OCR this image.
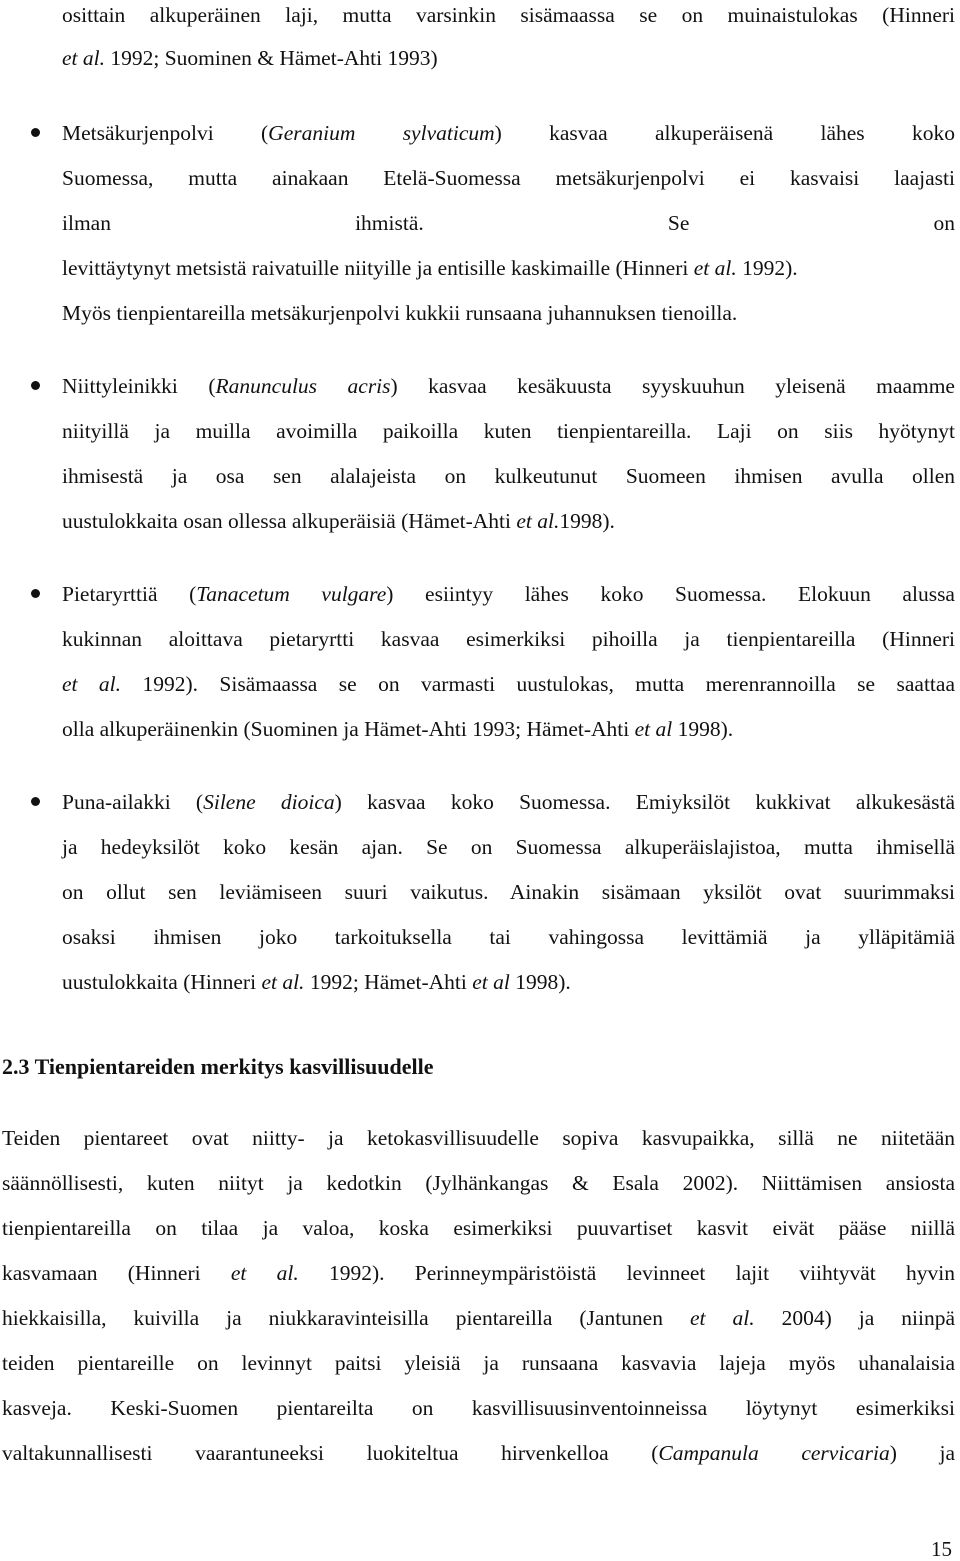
osittain alkuperäinen laji, mutta varsinkin sisämaassa se on muinaistulokas (Hinneri
et al. 1992; Suominen & Hämet-Ahti 1993)
Metsäkurjenpolvi (Geranium sylvaticum) kasvaa alkuperäisenä lähes koko
Suomessa, mutta ainakaan Etelä-Suomessa metsäkurjenpolvi ei kasvaisi laajasti
ilman ihmistä. Se on
levittäytynyt metsistä raivatuille niityille ja entisille kaskimaille (Hinneri et al. 1992).
Myös tienpientareilla metsäkurjenpolvi kukkii runsaana juhannuksen tienoilla.
Niittyleinikki (Ranunculus acris) kasvaa kesäkuusta syyskuuhun yleisenä maamme
niityillä ja muilla avoimilla paikoilla kuten tienpientareilla. Laji on siis hyötynyt
ihmisestä ja osa sen alalajeista on kulkeutunut Suomeen ihmisen avulla ollen
uustulokkaita osan ollessa alkuperäisiä (Hämet-Ahti et al.1998).
Pietaryrttiä (Tanacetum vulgare) esiintyy lähes koko Suomessa. Elokuun alussa
kukinnan aloittava pietaryrtti kasvaa esimerkiksi pihoilla ja tienpientareilla (Hinneri
et al. 1992). Sisämaassa se on varmasti uustulokas, mutta merenrannoilla se saattaa
olla alkuperäinenkin (Suominen ja Hämet-Ahti 1993; Hämet-Ahti et al 1998).
Puna-ailakki (Silene dioica) kasvaa koko Suomessa. Emiyksilöt kukkivat alkukesästä
ja hedeyksilöt koko kesän ajan. Se on Suomessa alkuperäislajistoa, mutta ihmisellä
on ollut sen leviämiseen suuri vaikutus. Ainakin sisämaan yksilöt ovat suurimmaksi
osaksi ihmisen joko tarkoituksella tai vahingossa levittämiä ja ylläpitämiä
uustulokkaita (Hinneri et al. 1992; Hämet-Ahti et al 1998).
2.3 Tienpientareiden merkitys kasvillisuudelle
Teiden pientareet ovat niitty- ja ketokasvillisuudelle sopiva kasvupaikka, sillä ne niitetään
säännöllisesti, kuten niityt ja kedotkin (Jylhänkangas & Esala 2002). Niittämisen ansiosta
tienpientareilla on tilaa ja valoa, koska esimerkiksi puuvartiset kasvit eivät pääse niillä
kasvamaan (Hinneri et al. 1992). Perinneympäristöistä levinneet lajit viihtyvät hyvin
hiekkaisilla, kuivilla ja niukkaravinteisilla pientareilla (Jantunen et al. 2004) ja niinpä
teiden pientareille on levinnyt paitsi yleisiä ja runsaana kasvavia lajeja myös uhanalaisia
kasveja. Keski-Suomen pientareilta on kasvillisuusinventoinneissa löytynyt esimerkiksi
valtakunnallisesti vaarantuneeksi luokiteltua hirvenkelloa (Campanula cervicaria) ja
15
